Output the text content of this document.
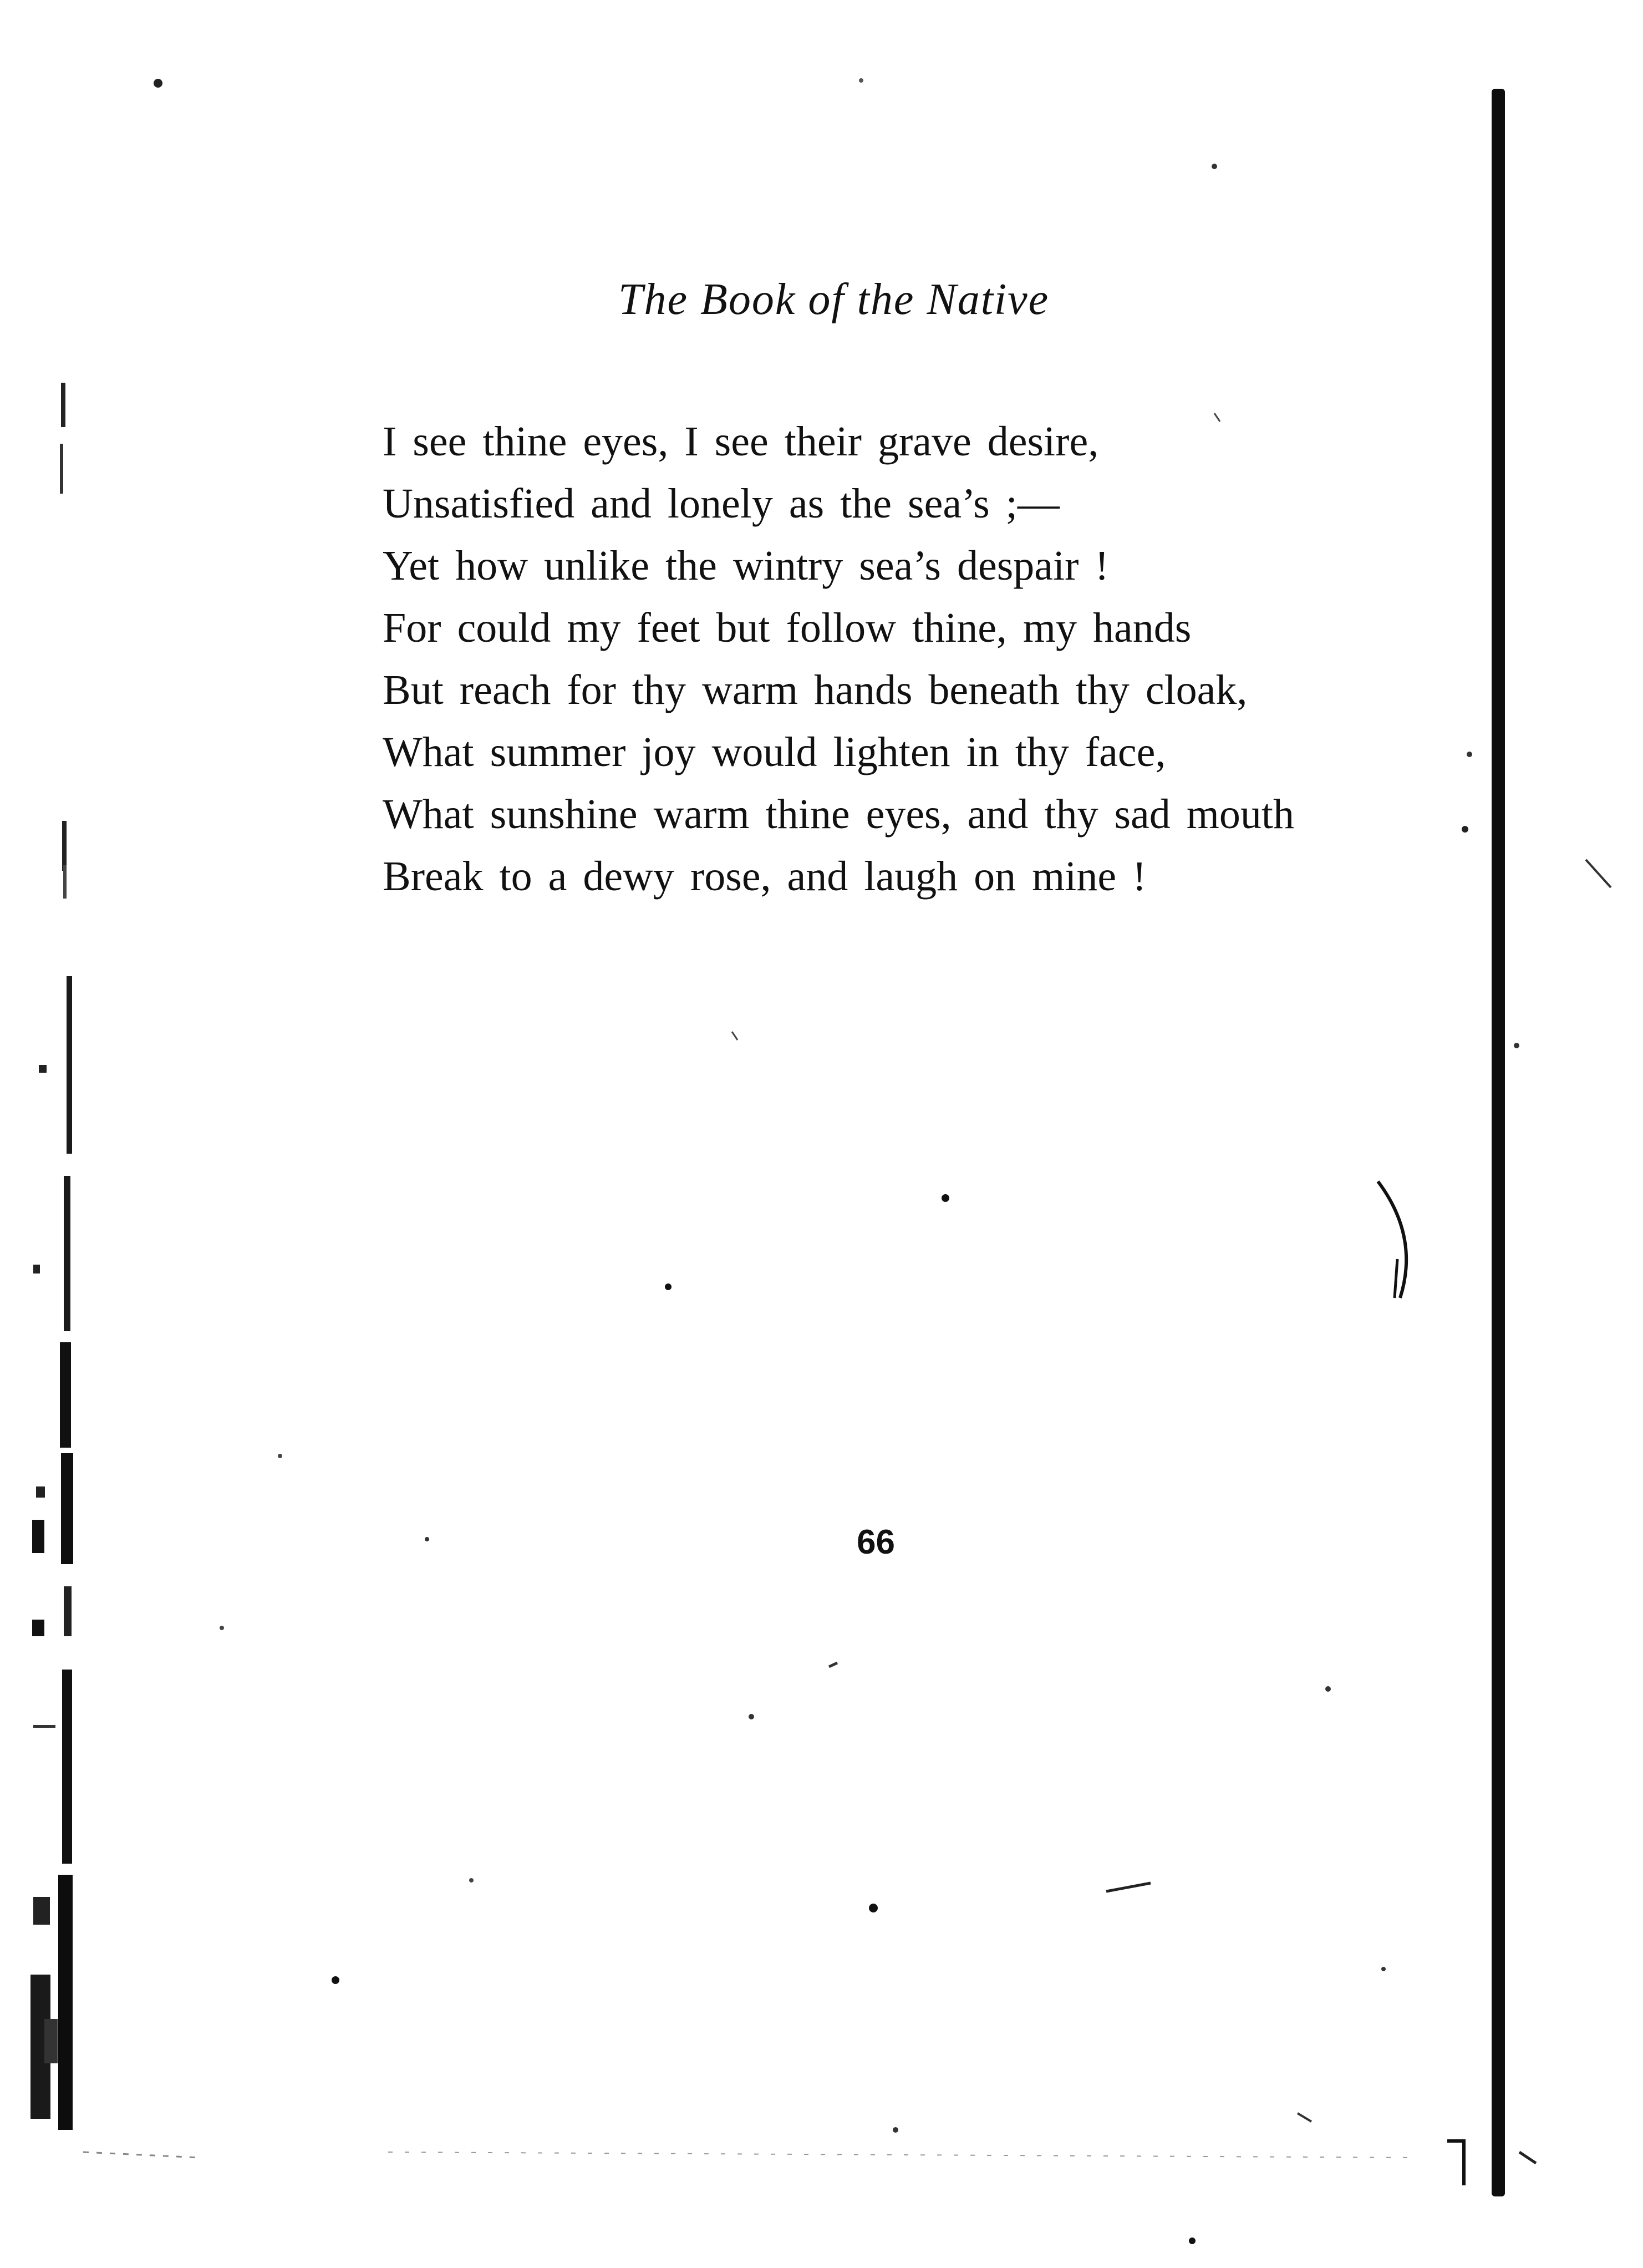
The Book of the Native
I see thine eyes, I see their grave desire,
Unsatisfied and lonely as the sea’s ;—
Yet how unlike the wintry sea’s despair !
For could my feet but follow thine, my hands
But reach for thy warm hands beneath thy cloak,
What summer joy would lighten in thy face,
What sunshine warm thine eyes, and thy sad mouth
Break to a dewy rose, and laugh on mine !
66
